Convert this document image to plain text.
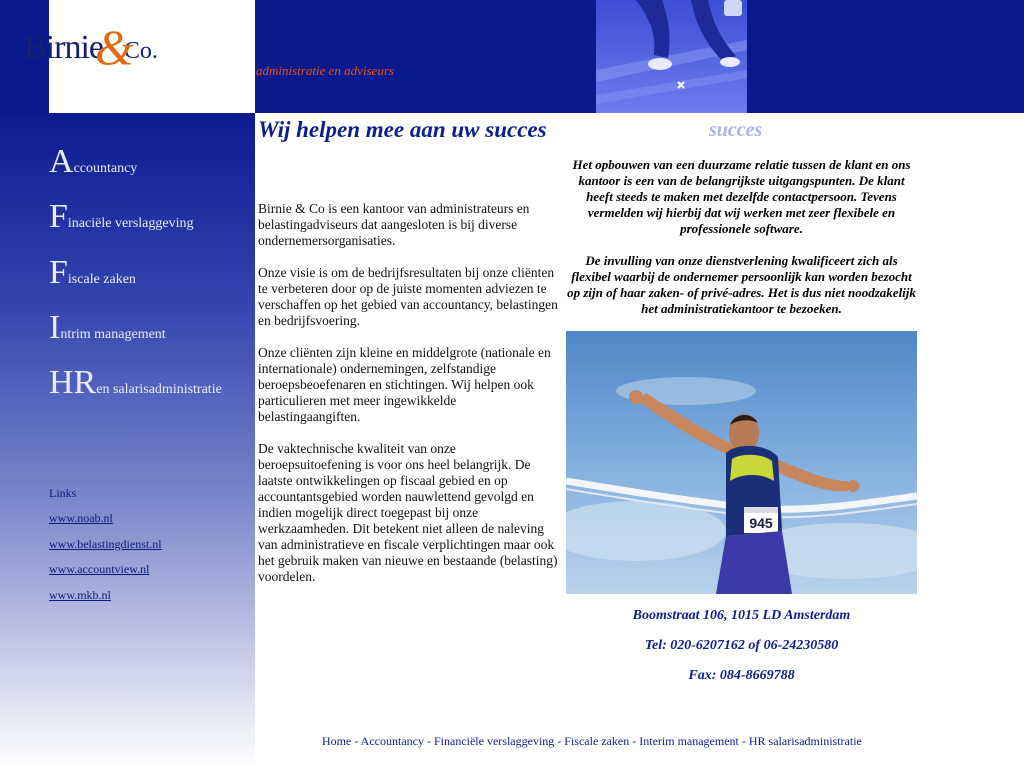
Birnie&Co.
administratie en adviseurs
Accountancy
Finaciële verslaggeving
Fiscale zaken
Intrim management
HRen salarisadministratie
Links
www.noab.nl
www.belastingdienst.nl
www.accountview.nl
www.mkb.nl
Wij helpen mee aan uw succes	succes

Birnie & Co is een kantoor van administrateurs en belastingadviseurs dat aangesloten is bij diverse ondernemersorganisaties.

Onze visie is om de bedrijfsresultaten bij onze cliënten te verbeteren door op de juiste momenten adviezen te verschaffen op het gebied van accountancy, belastingen en bedrijfsvoering.

Onze cliënten zijn kleine en middelgrote (nationale en internationale) ondernemingen, zelfstandige beroepsbeoefenaren en stichtingen. Wij helpen ook particulieren met meer ingewikkelde belastingaangiften.

De vaktechnische kwaliteit van onze beroepsuitoefening is voor ons heel belangrijk. De laatste ontwikkelingen op fiscaal gebied en op accountantsgebied worden nauwlettend gevolgd en indien mogelijk direct toegepast bij onze werkzaamheden. Dit betekent niet alleen de naleving van administratieve en fiscale verplichtingen maar ook het gebruik maken van nieuwe en bestaande (belasting) voordelen.

Het opbouwen van een duurzame relatie tussen de klant en ons kantoor is een van de belangrijkste uitgangspunten. De klant heeft steeds te maken met dezelfde contactpersoon. Tevens vermelden wij hierbij dat wij werken met zeer flexibele en professionele software.

De invulling van onze dienstverlening kwalificeert zich als flexibel waarbij de ondernemer persoonlijk kan worden bezocht op zijn of haar zaken- of privé-adres. Het is dus niet noodzakelijk het administratiekantoor te bezoeken.

945
Boomstraat 106, 1015 LD Amsterdam
Tel: 020-6207162 of 06-24230580
Fax: 084-8669788
Home - Accountancy - Financiële verslaggeving - Fiscale zaken - Interim management - HR salarisadministratie
